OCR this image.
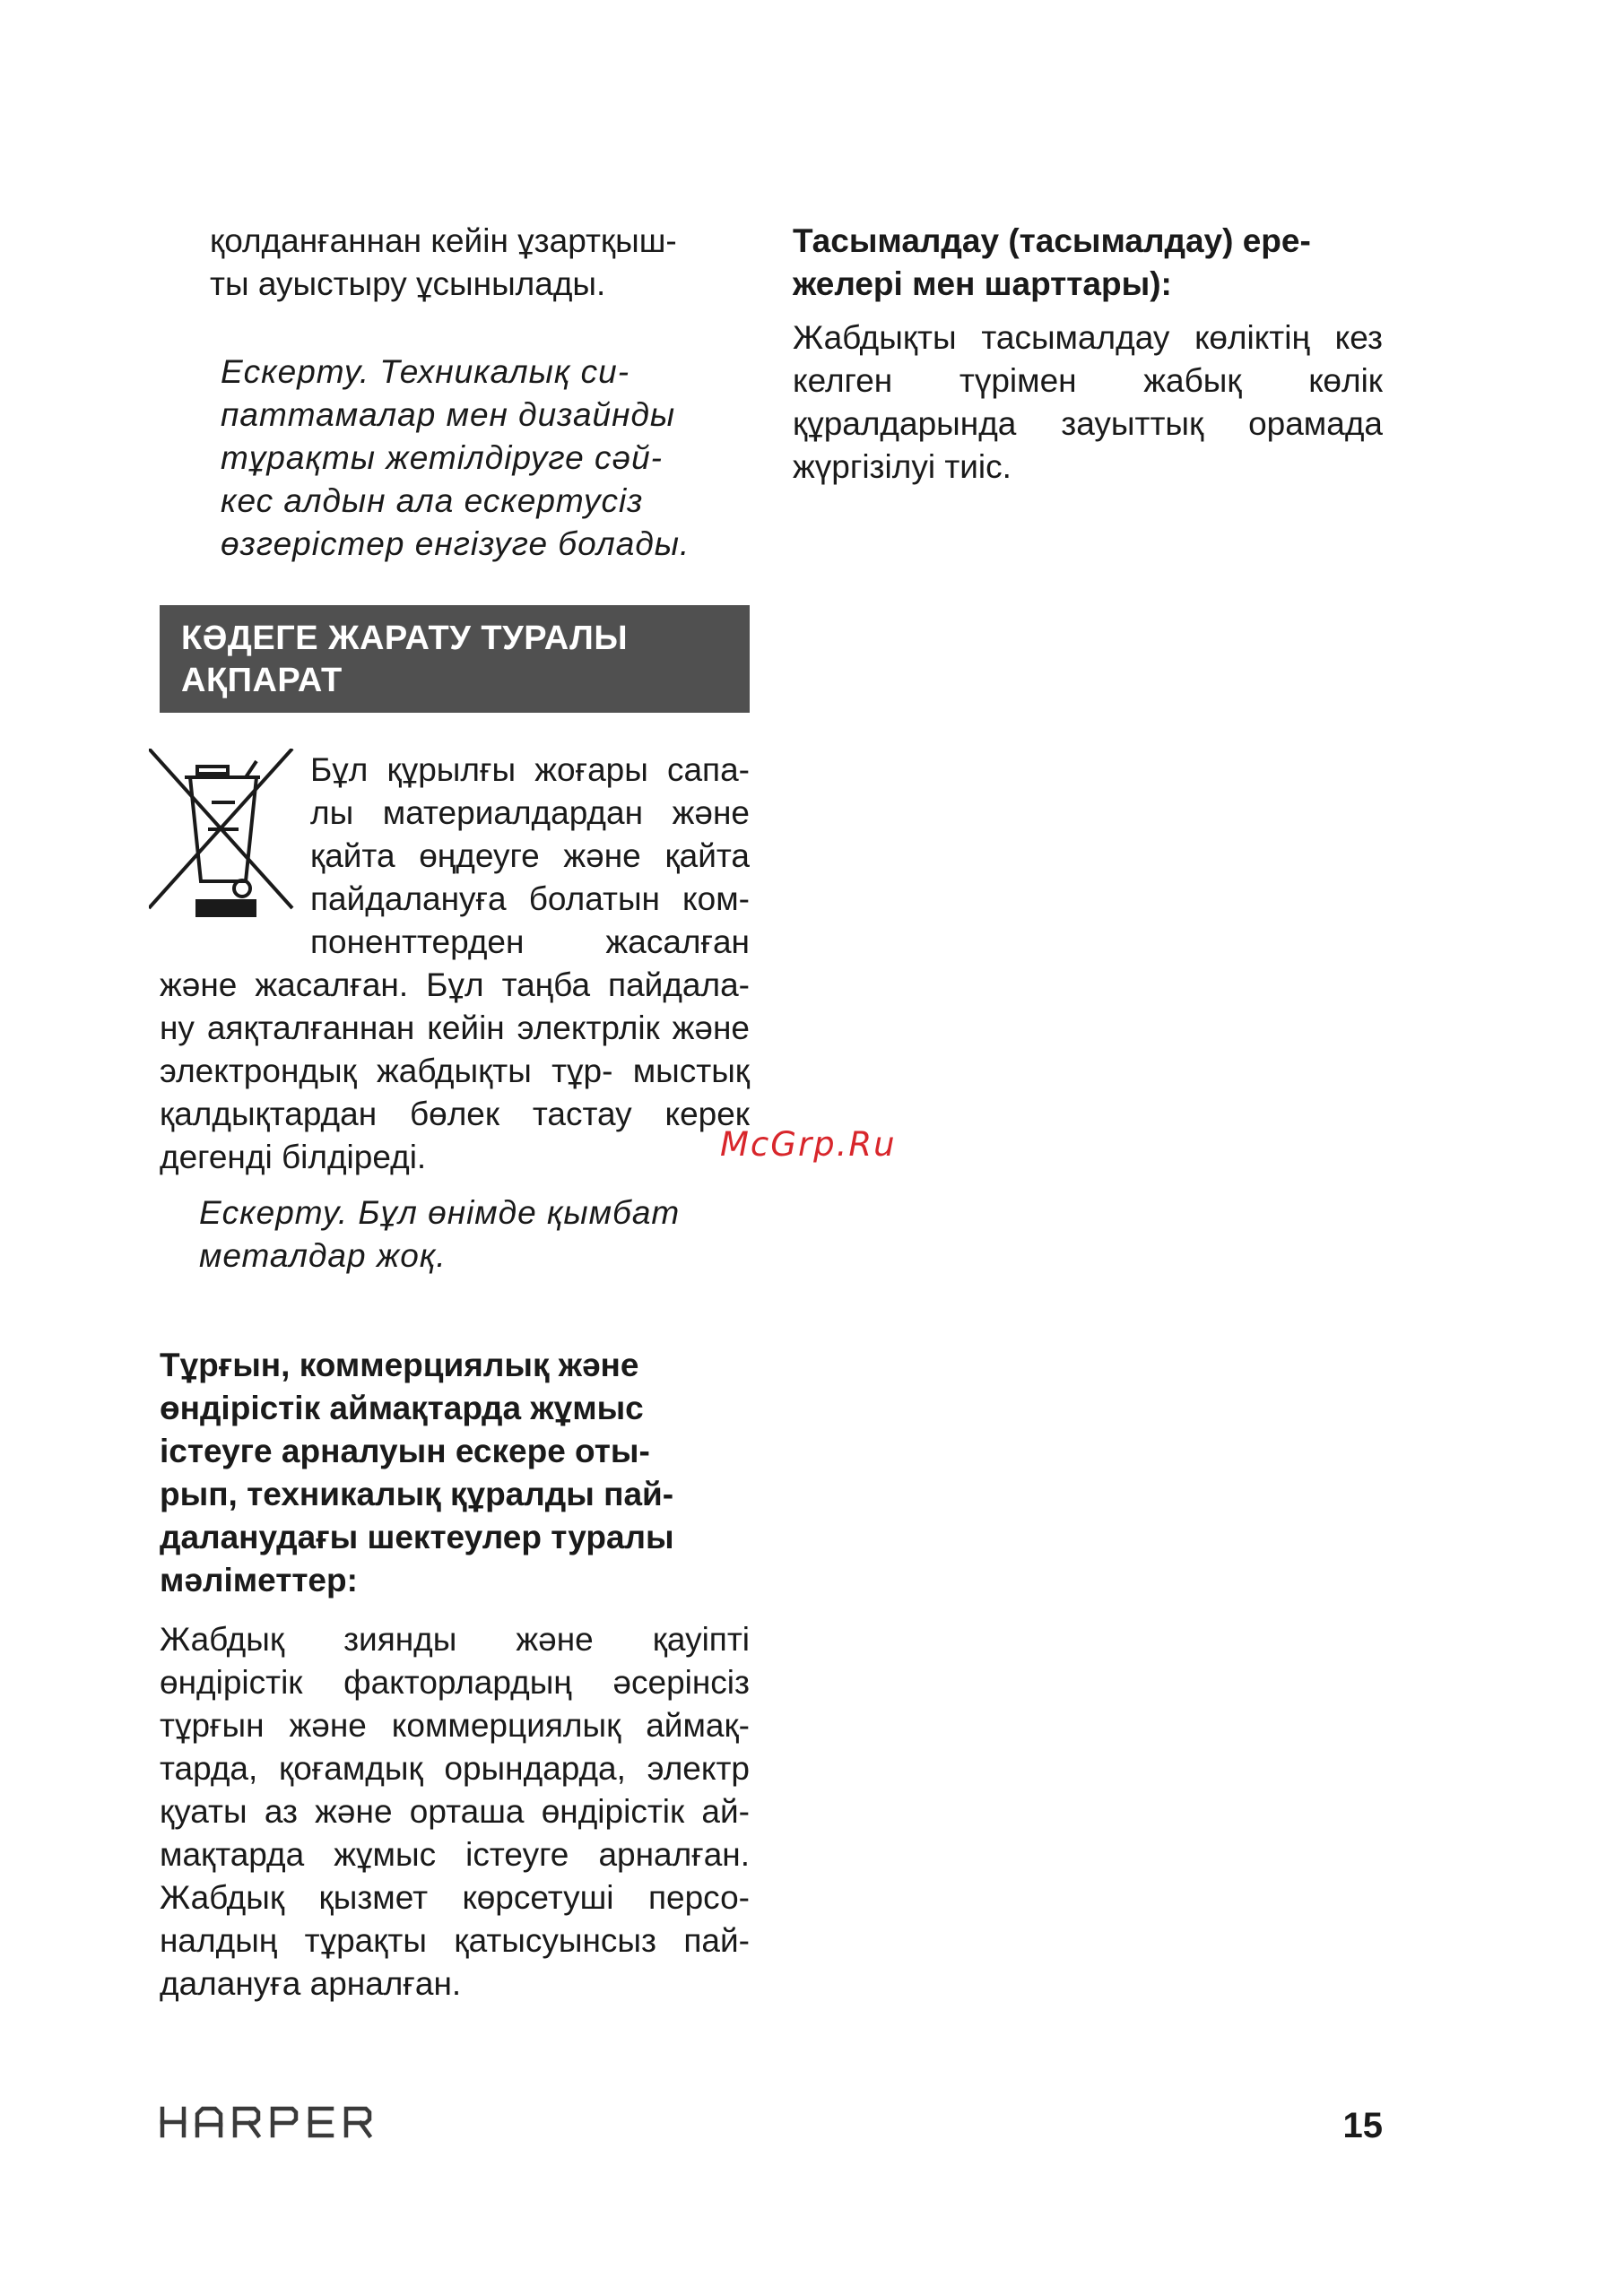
қолданғаннан кейін ұзартқыш-
ты ауыстыру ұсынылады.

Ескерту. Техникалық си-
паттамалар мен дизайнды
тұрақты жетілдіруге сәй-
кес алдын ала ескертусіз
өзгерістер енгізуге болады.

КӘДЕГЕ ЖАРАТУ ТУРАЛЫ
АҚПАРАТ

Бұл құрылғы жоғары сапа- лы материалдардан және қайта өңдеуге және қайта пайдалануға болатын ком- поненттерден жасалған және жасалған. Бұл таңба пайдала- ну аяқталғаннан кейін электрлік және электрондық жабдықты тұр- мыстық қалдықтардан бөлек тастау керек дегенді білдіреді.

Ескерту. Бұл өнімде қымбат
металдар жоқ.

Тұрғын, коммерциялық және
өндірістік аймақтарда жұмыс
істеуге арналуын ескере оты-
рып, техникалық құралды пай-
даланудағы шектеулер туралы
мәліметтер:

Жабдық зиянды және қауіпті өндірістік факторлардың әсерінсіз тұрғын және коммерциялық аймақ- тарда, қоғамдық орындарда, электр қуаты аз және орташа өндірістік ай- мақтарда жұмыс істеуге арналған. Жабдық қызмет көрсетуші персо- налдың тұрақты қатысуынсыз пай- далануға арналған.

Тасымалдау (тасымалдау) ере-
желері мен шарттары):

Жабдықты тасымалдау көліктің кез келген түрімен жабық көлік құралдарында зауыттық орамада жүргізілуі тиіс.

McGrp.Ru
15
